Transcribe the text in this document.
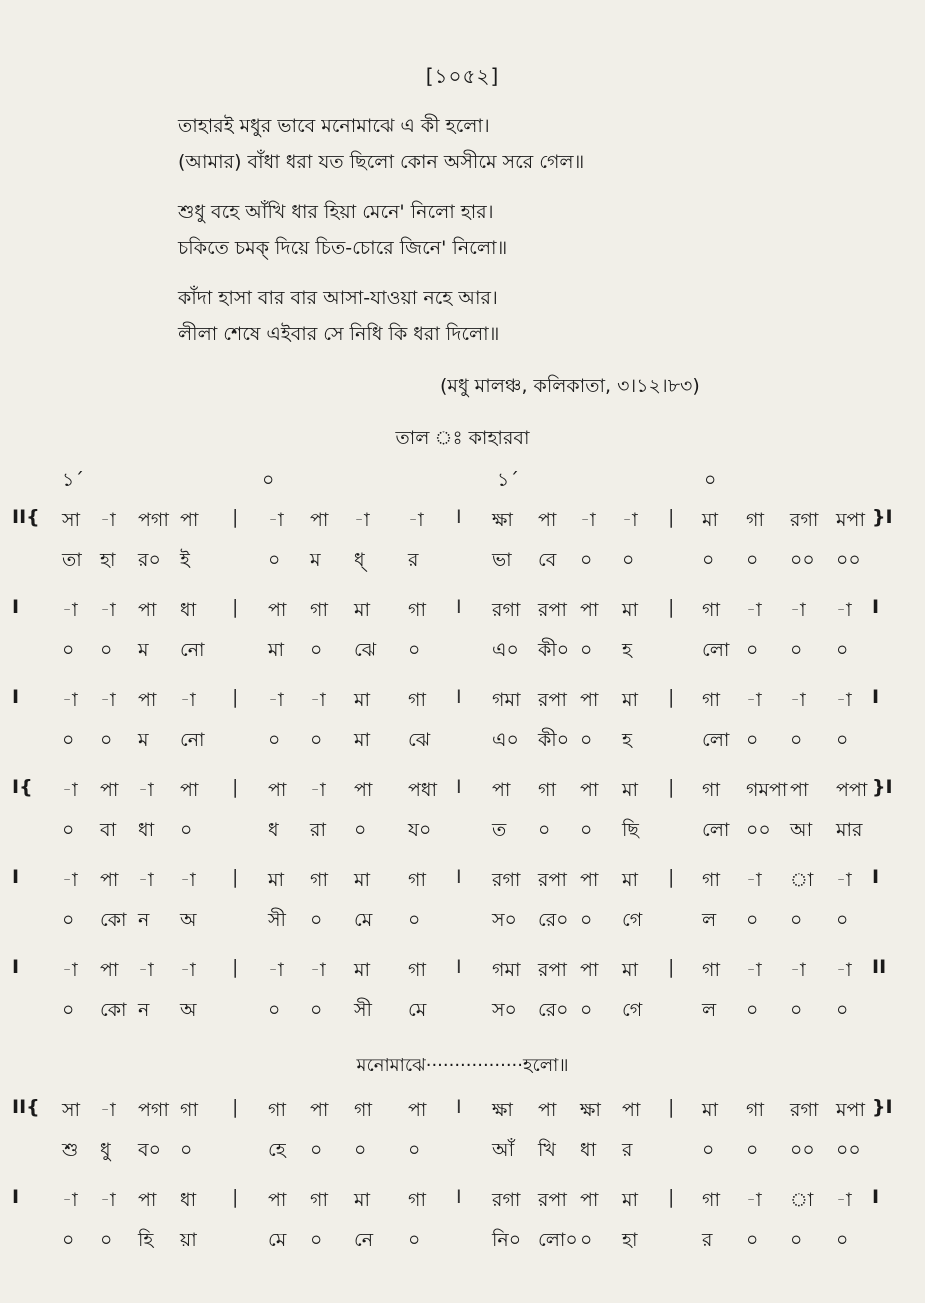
[১০৫২]
তাহারই মধুর ভাবে মনোমাঝে এ কী হলো।
(আমার) বাঁধা ধরা যত ছিলো কোন অসীমে সরে গেল॥
শুধু বহে আঁখি ধার হিয়া মেনে' নিলো হার।
চকিতে চমক্ দিয়ে চিত-চোরে জিনে' নিলো॥
কাঁদা হাসা বার বার আসা-যাওয়া নহে আর।
লীলা শেষে এইবার সে নিধি কি ধরা দিলো॥
(মধু মালঞ্চ, কলিকাতা, ৩।১২।৮৩)
তাল ঃ কাহারবা
১´	০	১´	০
II{ সা -া পগা পা | -া পা -া -া I ক্ষা পা -া -া | মা গা রগা মপা }I
তা হা র০ ই	০ ম ধ্ র	ভা বে ০ ০	০ ০ ০০ ০০
I -া -া পা ধা | পা গা মা গা I রগা রপা পা মা | গা -া -া -া I
০ ০ ম নো	মা ০ ঝে ০	এ০ কী০ ০ হ	লো ০ ০ ০
I -া -া পা -া | -া -া মা গা I গমা রপা পা মা | গা -া -া -া I
০ ০ ম নো	০ ০ মা ঝে	এ০ কী০ ০ হ	লো ০ ০ ০
I{ -া পা -া পা | পা -া পা পধা I পা গা পা মা | গা গমপা পা পপা }I
০ বা ধা ০	ধ রা ০ য০	ত ০ ০ ছি	লো ০০ আ মার
I -া পা -া -া | মা গা মা গা I রগা রপা পা মা | গা -া া -া I
০ কো ন অ	সী ০ মে ০	স০ রে০ ০ গে	ল ০ ০ ০
I -া পা -া -া | -া -া মা গা I গমা রপা পা মা | গা -া -া -া II
০ কো ন অ	০ ০ সী মে	স০ রে০ ০ গে	ল ০ ০ ০
মনোমাঝে·················হলো॥
II{ সা -া পগা গা | গা পা গা পা I ক্ষা পা ক্ষা পা | মা গা রগা মপা }I
শু ধু ব০ ০	হে ০ ০ ০	আঁ খি ধা র	০ ০ ০০ ০০
I -া -া পা ধা | পা গা মা গা I রগা রপা পা মা | গা -া া -া I
০ ০ হি য়া	মে ০ নে ০	নি০ লো০ ০ হা	র ০ ০ ০
